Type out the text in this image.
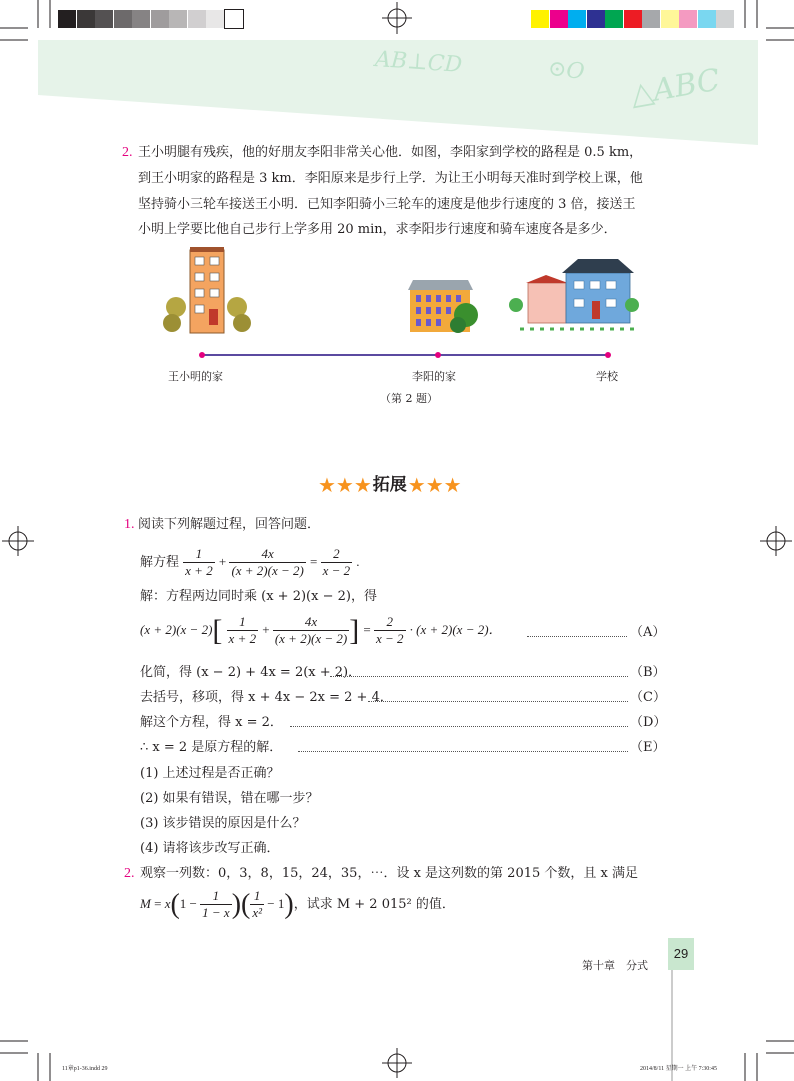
AB⊥CD	⊙O △ABC
2. 王小明腿有残疾，他的好朋友李阳非常关心他．如图，李阳家到学校的路程是 0.5 km，
到王小明家的路程是 3 km．李阳原来是步行上学．为让王小明每天准时到学校上课，他
坚持骑小三轮车接送王小明．已知李阳骑小三轮车的速度是他步行速度的 3 倍，接送王
小明上学要比他自己步行上学多用 20 min，求李阳步行速度和骑车速度各是多少．
王小明的家	李阳的家	学校
（第 2 题）
★★★拓展★★★
1. 阅读下列解题过程，回答问题．
解方程 $\frac{1}{x + 2} + \frac{4x}{(x + 2)(x - 2)} = \frac{2}{x - 2}$ .
解：方程两边同时乘 (x + 2)(x − 2)，得
$(x + 2)(x - 2)[ \frac{1}{x + 2} + \frac{4x}{(x + 2)(x - 2)}$ ] = $\frac{2}{x - 2} \cdot (x + 2)(x - 2)$．	（A）
化简，得 (x − 2) + 4x = 2(x + 2)．	（B）
去括号，移项，得 x + 4x − 2x = 2 + 4．	（C）
解这个方程，得 x = 2．	（D）
∴ x = 2 是原方程的解．	（E）
(1) 上述过程是否正确？
(2) 如果有错误，错在哪一步？
(3) 该步错误的原因是什么？
(4) 请将该步改写正确．
2. 观察一列数：0，3，8，15，24，35，⋯．设 x 是这列数的第 2015 个数，且 x 满足
$M = x(1 - \frac{1}{1 - x}$ )( $\frac{1}{\text{x²}} - 1$)，试求 M + 2 015² 的值．
第十章　分式
29
11章p1-36.indd 29	2014/8/11 星期一 上午 7:30:45
